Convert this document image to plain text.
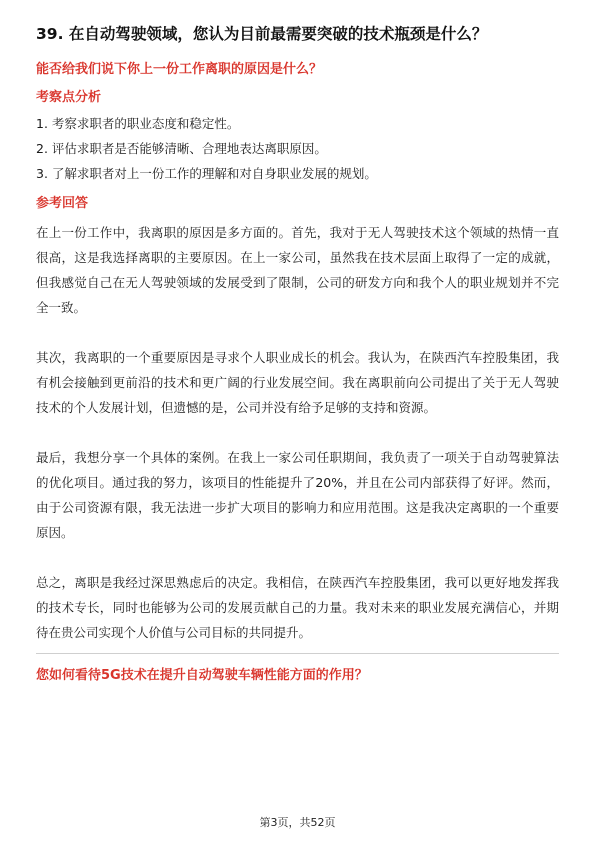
39. 在自动驾驶领域，您认为目前最需要突破的技术瓶颈是什么？
能否给我们说下你上一份工作离职的原因是什么？
考察点分析
1. 考察求职者的职业态度和稳定性。
2. 评估求职者是否能够清晰、合理地表达离职原因。
3. 了解求职者对上一份工作的理解和对自身职业发展的规划。
参考回答
在上一份工作中，我离职的原因是多方面的。首先，我对于无人驾驶技术这个领域的热情一直很高，这是我选择离职的主要原因。在上一家公司，虽然我在技术层面上取得了一定的成就，但我感觉自己在无人驾驶领域的发展受到了限制，公司的研发方向和我个人的职业规划并不完全一致。
其次，我离职的一个重要原因是寻求个人职业成长的机会。我认为，在陕西汽车控股集团，我有机会接触到更前沿的技术和更广阔的行业发展空间。我在离职前向公司提出了关于无人驾驶技术的个人发展计划，但遗憾的是，公司并没有给予足够的支持和资源。
最后，我想分享一个具体的案例。在我上一家公司任职期间，我负责了一项关于自动驾驶算法的优化项目。通过我的努力，该项目的性能提升了20%，并且在公司内部获得了好评。然而，由于公司资源有限，我无法进一步扩大项目的影响力和应用范围。这是我决定离职的一个重要原因。
总之，离职是我经过深思熟虑后的决定。我相信，在陕西汽车控股集团，我可以更好地发挥我的技术专长，同时也能够为公司的发展贡献自己的力量。我对未来的职业发展充满信心，并期待在贵公司实现个人价值与公司目标的共同提升。
您如何看待5G技术在提升自动驾驶车辆性能方面的作用？
第3页，共52页
